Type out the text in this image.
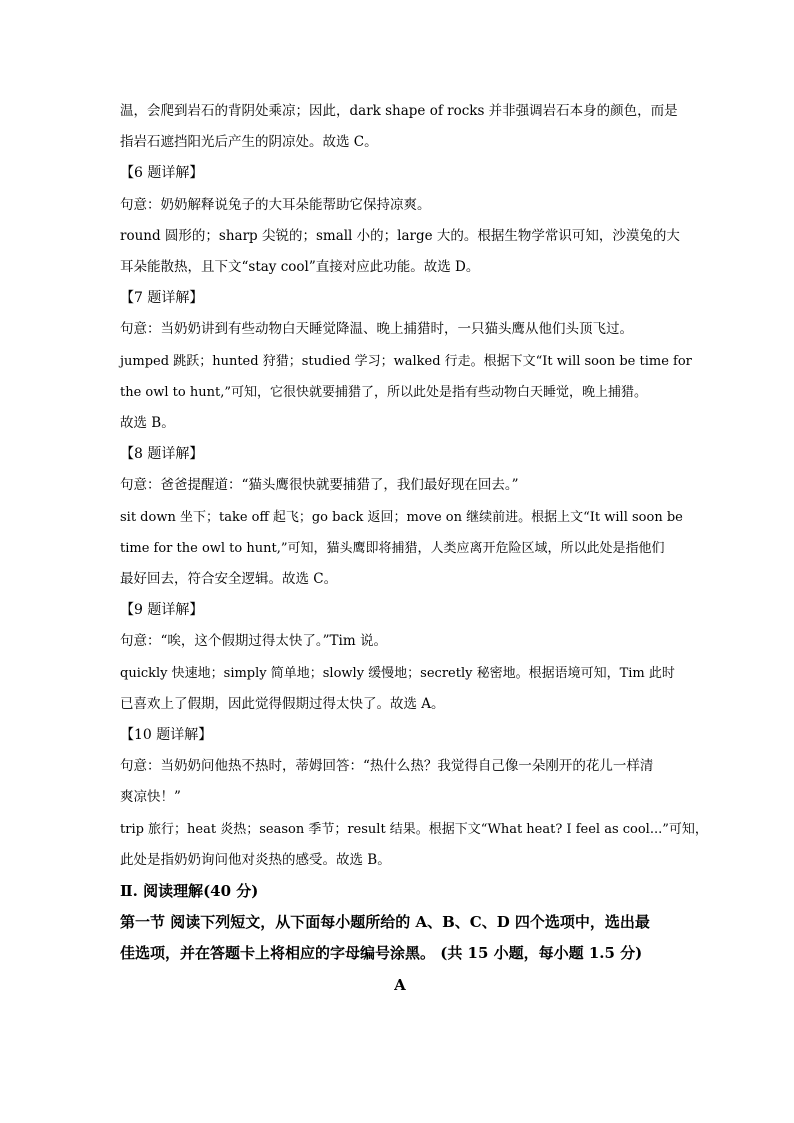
温，会爬到岩石的背阴处乘凉；因此，dark shape of rocks 并非强调岩石本身的颜色，而是
指岩石遮挡阳光后产生的阴凉处。故选 C。
【6 题详解】
句意：奶奶解释说兔子的大耳朵能帮助它保持凉爽。
round 圆形的；sharp 尖锐的；small 小的；large 大的。根据生物学常识可知，沙漠兔的大
耳朵能散热，且下文“stay cool”直接对应此功能。故选 D。
【7 题详解】
句意：当奶奶讲到有些动物白天睡觉降温、晚上捕猎时，一只猫头鹰从他们头顶飞过。
jumped 跳跃；hunted 狩猎；studied 学习；walked 行走。根据下文“It will soon be time for
the owl to hunt,”可知，它很快就要捕猎了，所以此处是指有些动物白天睡觉，晚上捕猎。
故选 B。
【8 题详解】
句意：爸爸提醒道：“猫头鹰很快就要捕猎了，我们最好现在回去。”
sit down 坐下；take off 起飞；go back 返回；move on 继续前进。根据上文“It will soon be
time for the owl to hunt,”可知，猫头鹰即将捕猎，人类应离开危险区域，所以此处是指他们
最好回去，符合安全逻辑。故选 C。
【9 题详解】
句意：“唉，这个假期过得太快了。”Tim 说。
quickly 快速地；simply 简单地；slowly 缓慢地；secretly 秘密地。根据语境可知，Tim 此时
已喜欢上了假期，因此觉得假期过得太快了。故选 A。
【10 题详解】
句意：当奶奶问他热不热时，蒂姆回答：“热什么热？我觉得自己像一朵刚开的花儿一样清
爽凉快！”
trip 旅行；heat 炎热；season 季节；result 结果。根据下文“What heat? I feel as cool...”可知，
此处是指奶奶询问他对炎热的感受。故选 B。
Ⅱ. 阅读理解(40 分)
第一节 阅读下列短文，从下面每小题所给的 A、B、C、D 四个选项中，选出最
佳选项，并在答题卡上将相应的字母编号涂黑。 (共 15 小题，每小题 1.5 分)
A
